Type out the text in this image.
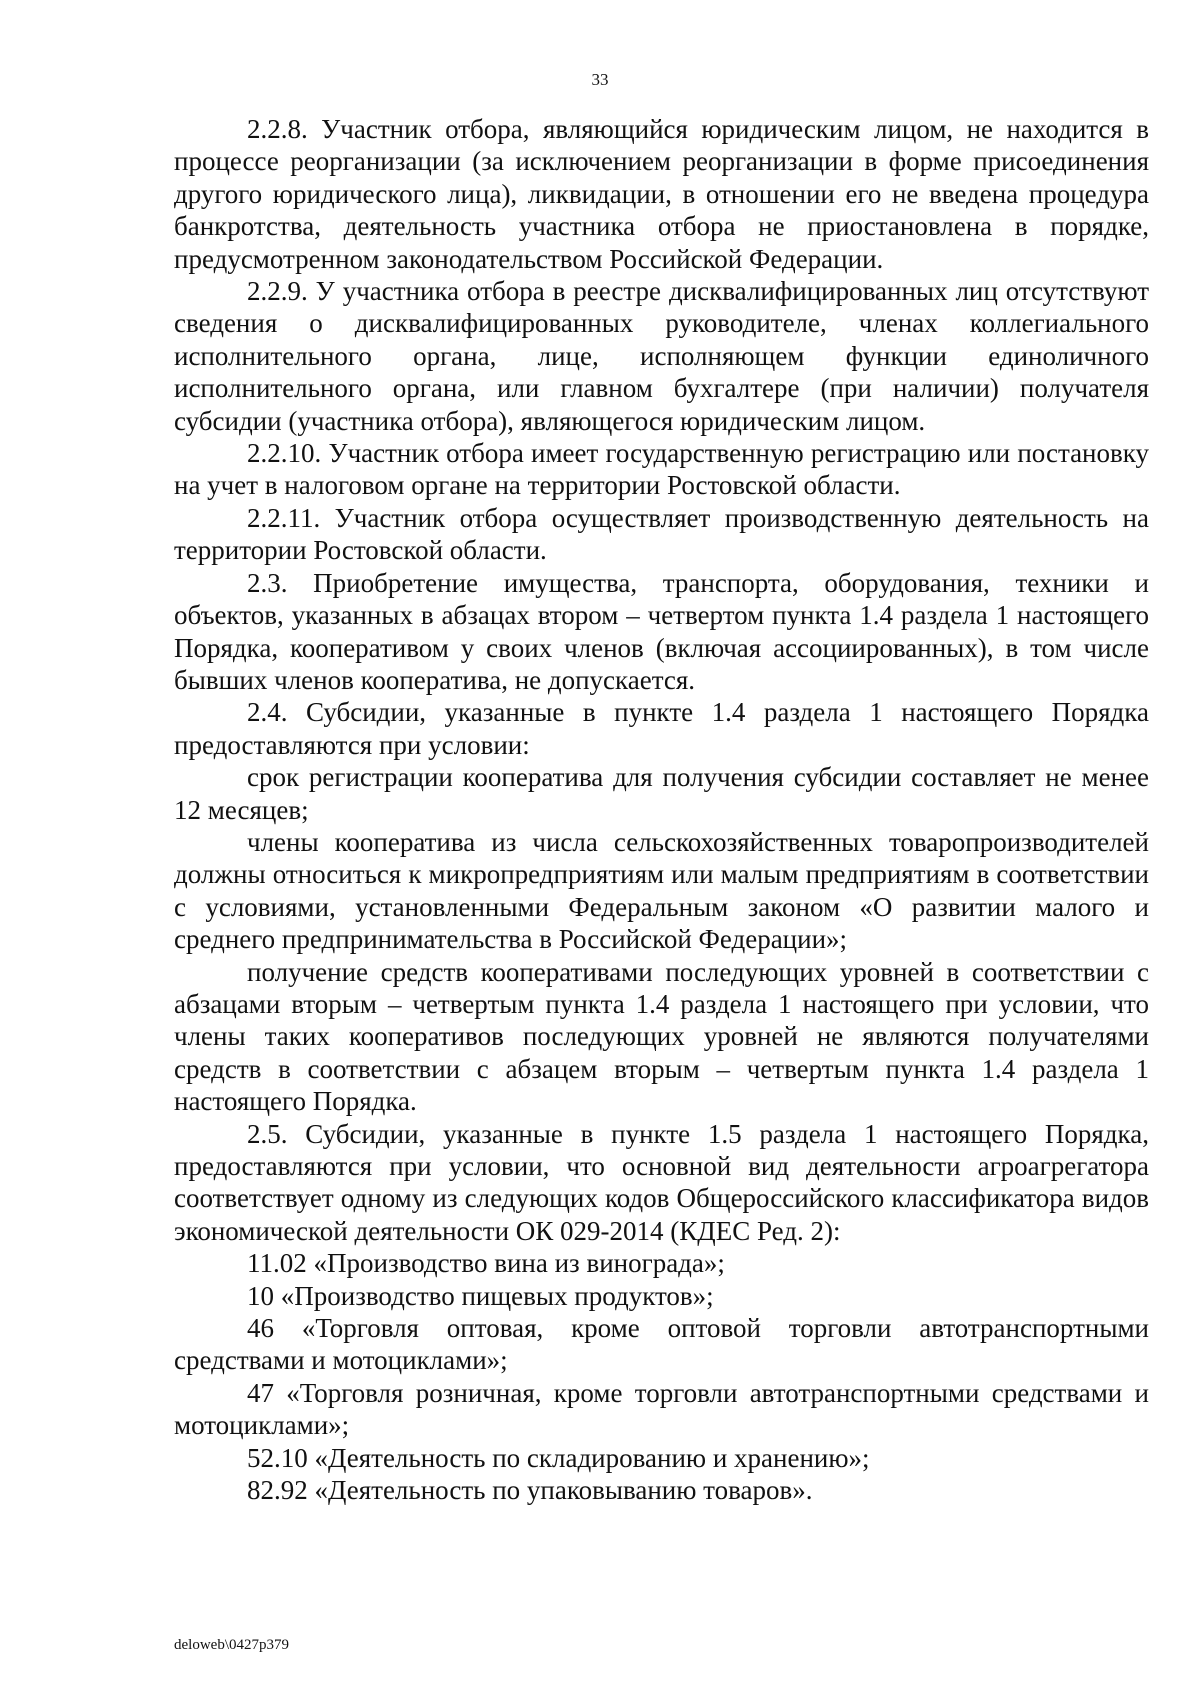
33

2.2.8. Участник отбора, являющийся юридическим лицом, не находится в процессе реорганизации (за исключением реорганизации в форме присоединения другого юридического лица), ликвидации, в отношении его не введена процедура банкротства, деятельность участника отбора не приостановлена в порядке, предусмотренном законодательством Российской Федерации.

2.2.9. У участника отбора в реестре дисквалифицированных лиц отсутствуют сведения о дисквалифицированных руководителе, членах коллегиального исполнительного органа, лице, исполняющем функции единоличного исполнительного органа, или главном бухгалтере (при наличии) получателя субсидии (участника отбора), являющегося юридическим лицом.

2.2.10. Участник отбора имеет государственную регистрацию или постановку на учет в налоговом органе на территории Ростовской области.

2.2.11. Участник отбора осуществляет производственную деятельность на территории Ростовской области.

2.3. Приобретение имущества, транспорта, оборудования, техники и объектов, указанных в абзацах втором – четвертом пункта 1.4 раздела 1 настоящего Порядка, кооперативом у своих членов (включая ассоциированных), в том числе бывших членов кооператива, не допускается.

2.4. Субсидии, указанные в пункте 1.4 раздела 1 настоящего Порядка предоставляются при условии:

срок регистрации кооператива для получения субсидии составляет не менее 12 месяцев;

члены кооператива из числа сельскохозяйственных товаропроизводителей должны относиться к микропредприятиям или малым предприятиям в соответствии с условиями, установленными Федеральным законом «О развитии малого и среднего предпринимательства в Российской Федерации»;

получение средств кооперативами последующих уровней в соответствии с абзацами вторым – четвертым пункта 1.4 раздела 1 настоящего при условии, что члены таких кооперативов последующих уровней не являются получателями средств в соответствии с абзацем вторым – четвертым пункта 1.4 раздела 1 настоящего Порядка.

2.5. Субсидии, указанные в пункте 1.5 раздела 1 настоящего Порядка, предоставляются при условии, что основной вид деятельности агроагрегатора соответствует одному из следующих кодов Общероссийского классификатора видов экономической деятельности ОК 029-2014 (КДЕС Ред. 2):

11.02 «Производство вина из винограда»;

10 «Производство пищевых продуктов»;

46 «Торговля оптовая, кроме оптовой торговли автотранспортными средствами и мотоциклами»;

47 «Торговля розничная, кроме торговли автотранспортными средствами и мотоциклами»;

52.10 «Деятельность по складированию и хранению»;

82.92 «Деятельность по упаковыванию товаров».

deloweb\0427p379
